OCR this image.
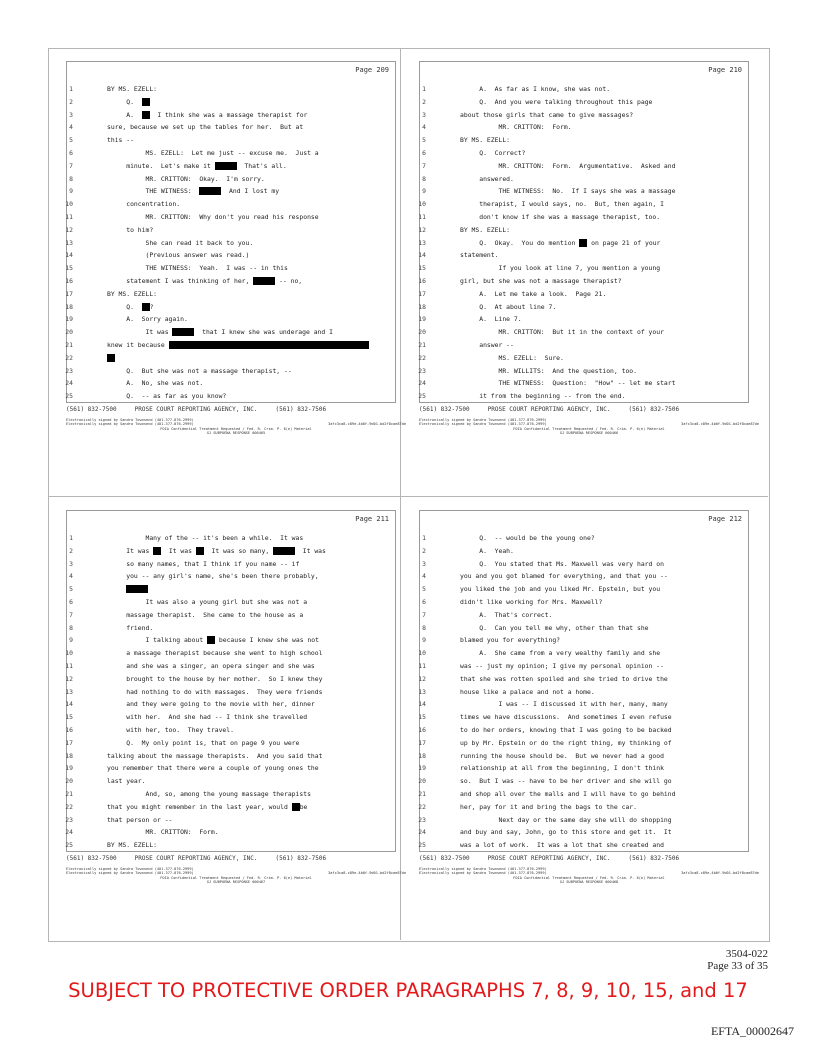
Page 209
1	BY MS. EZELL:
2	Q.
3	A.    I think she was a massage therapist for
4	sure, because we set up the tables for her.  But at
5	this --
6	MS. EZELL:  Let me just -- excuse me.  Just a
7	minute.  Let's make it	That's all.
8	MR. CRITTON:  Okay.  I'm sorry.
9	THE WITNESS:	And I lost my
10	concentration.
11	MR. CRITTON:  Why don't you read his response
12	to him?
13	She can read it back to you.
14	(Previous answer was read.)
15	THE WITNESS:  Yeah.  I was -- in this
16	statement I was thinking of her,	-- no,
17	BY MS. EZELL:
18	Q.  ?
19	A.  Sorry again.
20	It was	that I knew she was underage and I
21	knew it because
22
23	Q.  But she was not a massage therapist, --
24	A.  No, she was not.
25	Q.  -- as far as you know?
(561) 832-7500     PROSE COURT REPORTING AGENCY, INC.     (561) 832-7506
Electronically signed by Sandra Townsend (401-377-876-2999)
Electronically signed by Sandra Townsend (401-377-876-2999)	3afc3ca8-c89e-4b0f-9d01-bd2f8cae87de
FOIA Confidential Treatment Requested / Fed. R. Crim. P. 6(e) Material
GJ SUBPOENA RESPONSE 000465
Page 210
1	A.  As far as I know, she was not.
2	Q.  And you were talking throughout this page
3	about those girls that came to give massages?
4	MR. CRITTON:  Form.
5	BY MS. EZELL:
6	Q.  Correct?
7	MR. CRITTON:  Form.  Argumentative.  Asked and
8	answered.
9	THE WITNESS:  No.  If I says she was a massage
10	therapist, I would says, no.  But, then again, I
11	don't know if she was a massage therapist, too.
12	BY MS. EZELL:
13	Q.  Okay.  You do mention  on page 21 of your
14	statement.
15	If you look at line 7, you mention a young
16	girl, but she was not a massage therapist?
17	A.  Let me take a look.  Page 21.
18	Q.  At about line 7.
19	A.  Line 7.
20	MR. CRITTON:  But it in the context of your
21	answer --
22	MS. EZELL:  Sure.
23	MR. WILLITS:  And the question, too.
24	THE WITNESS:  Question:  "How" -- let me start
25	it from the beginning -- from the end.
(561) 832-7500     PROSE COURT REPORTING AGENCY, INC.     (561) 832-7506
Electronically signed by Sandra Townsend (401-377-876-2999)
Electronically signed by Sandra Townsend (401-377-876-2999)	3afc3ca8-c89e-4b0f-9d01-bd2f8cae87de
FOIA Confidential Treatment Requested / Fed. R. Crim. P. 6(e) Material
GJ SUBPOENA RESPONSE 000466
Page 211
1	Many of the -- it's been a while.  It was
2	It was   It was   It was so many,	It was
3	so many names, that I think if you name -- if
4	you -- any girl's name, she's been there probably,
5

6	It was also a young girl but she was not a
7	massage therapist.  She came to the house as a
8	friend.
9	I talking about  because I knew she was not
10	a massage therapist because she went to high school
11	and she was a singer, an opera singer and she was
12	brought to the house by her mother.  So I knew they
13	had nothing to do with massages.  They were friends
14	and they were going to the movie with her, dinner
15	with her.  And she had -- I think she travelled
16	with her, too.  They travel.
17	Q.  My only point is, that on page 9 you were
18	talking about the massage therapists.  And you said that
19	you remember that there were a couple of young ones the
20	last year.
21	And, so, among the young massage therapists
22	that you might remember in the last year, would be
23	that person or --
24	MR. CRITTON:  Form.
25	BY MS. EZELL:
(561) 832-7500     PROSE COURT REPORTING AGENCY, INC.     (561) 832-7506
Electronically signed by Sandra Townsend (401-377-876-2999)
Electronically signed by Sandra Townsend (401-377-876-2999)	3afc3ca8-c89e-4b0f-9d01-bd2f8cae87de
FOIA Confidential Treatment Requested / Fed. R. Crim. P. 6(e) Material
GJ SUBPOENA RESPONSE 000467
Page 212
1	Q.  -- would be the young one?
2	A.  Yeah.
3	Q.  You stated that Ms. Maxwell was very hard on
4	you and you got blamed for everything, and that you --
5	you liked the job and you liked Mr. Epstein, but you
6	didn't like working for Mrs. Maxwell?
7	A.  That's correct.
8	Q.  Can you tell me why, other than that she
9	blamed you for everything?
10	A.  She came from a very wealthy family and she
11	was -- just my opinion; I give my personal opinion --
12	that she was rotten spoiled and she tried to drive the
13	house like a palace and not a home.
14	I was -- I discussed it with her, many, many
15	times we have discussions.  And sometimes I even refuse
16	to do her orders, knowing that I was going to be backed
17	up by Mr. Epstein or do the right thing, my thinking of
18	running the house should be.  But we never had a good
19	relationship at all from the beginning, I don't think
20	so.  But I was -- have to be her driver and she will go
21	and shop all over the malls and I will have to go behind
22	her, pay for it and bring the bags to the car.
23	Next day or the same day she will do shopping
24	and buy and say, John, go to this store and get it.  It
25	was a lot of work.  It was a lot that she created and
(561) 832-7500     PROSE COURT REPORTING AGENCY, INC.     (561) 832-7506
Electronically signed by Sandra Townsend (401-377-876-2999)
Electronically signed by Sandra Townsend (401-377-876-2999)	3afc3ca8-c89e-4b0f-9d01-bd2f8cae87de
FOIA Confidential Treatment Requested / Fed. R. Crim. P. 6(e) Material
GJ SUBPOENA RESPONSE 000468
3504-022
Page 33 of 35
SUBJECT TO PROTECTIVE ORDER PARAGRAPHS 7, 8, 9, 10, 15, and 17
EFTA_00002647
